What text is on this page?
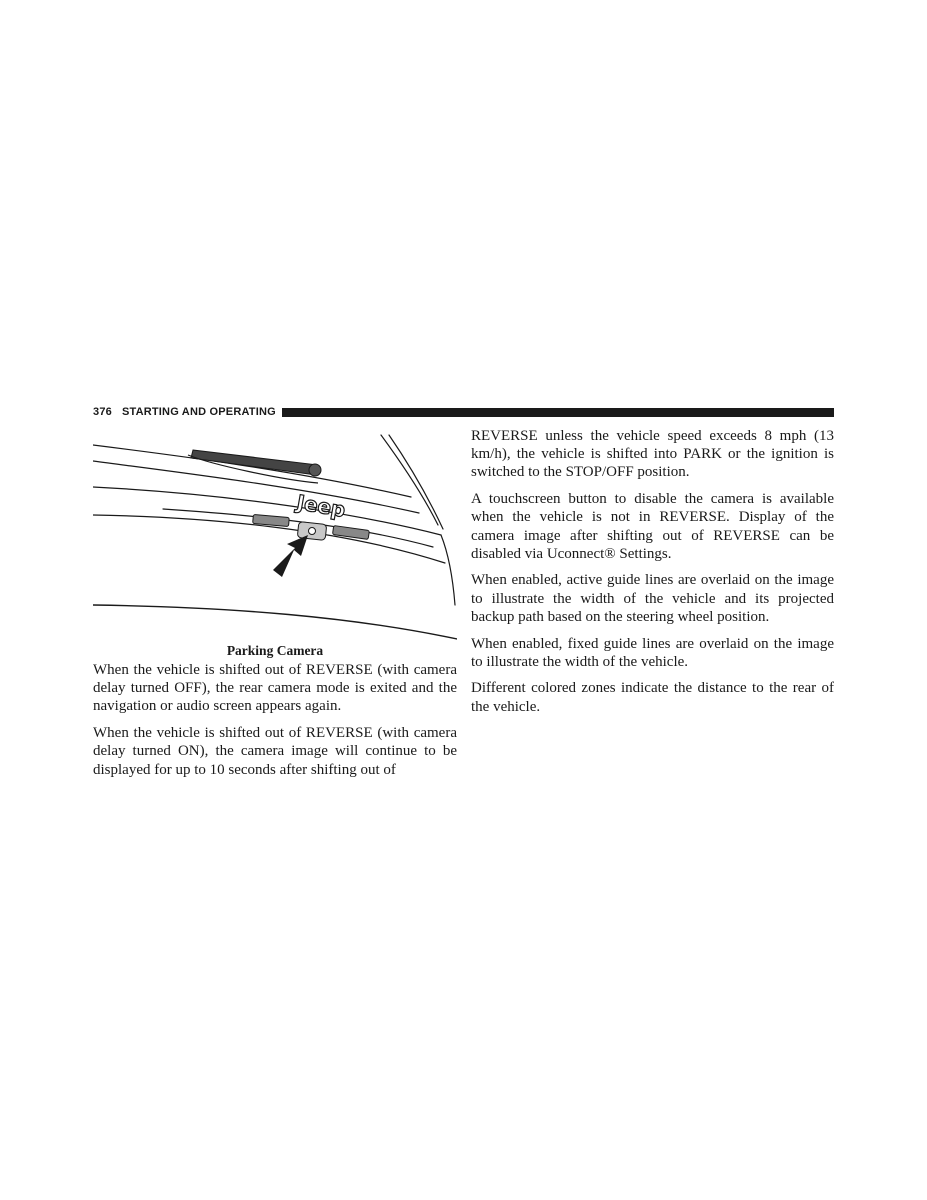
376 STARTING AND OPERATING
Jeep
Parking Camera

When the vehicle is shifted out of REVERSE (with camera delay turned OFF), the rear camera mode is exited and the navigation or audio screen appears again.

When the vehicle is shifted out of REVERSE (with camera delay turned ON), the camera image will continue to be displayed for up to 10 seconds after shifting out of

REVERSE unless the vehicle speed exceeds 8 mph (13 km/h), the vehicle is shifted into PARK or the ignition is switched to the STOP/OFF position.

A touchscreen button to disable the camera is available when the vehicle is not in REVERSE. Display of the camera image after shifting out of REVERSE can be disabled via Uconnect® Settings.

When enabled, active guide lines are overlaid on the image to illustrate the width of the vehicle and its projected backup path based on the steering wheel position.

When enabled, fixed guide lines are overlaid on the image to illustrate the width of the vehicle.

Different colored zones indicate the distance to the rear of the vehicle.
